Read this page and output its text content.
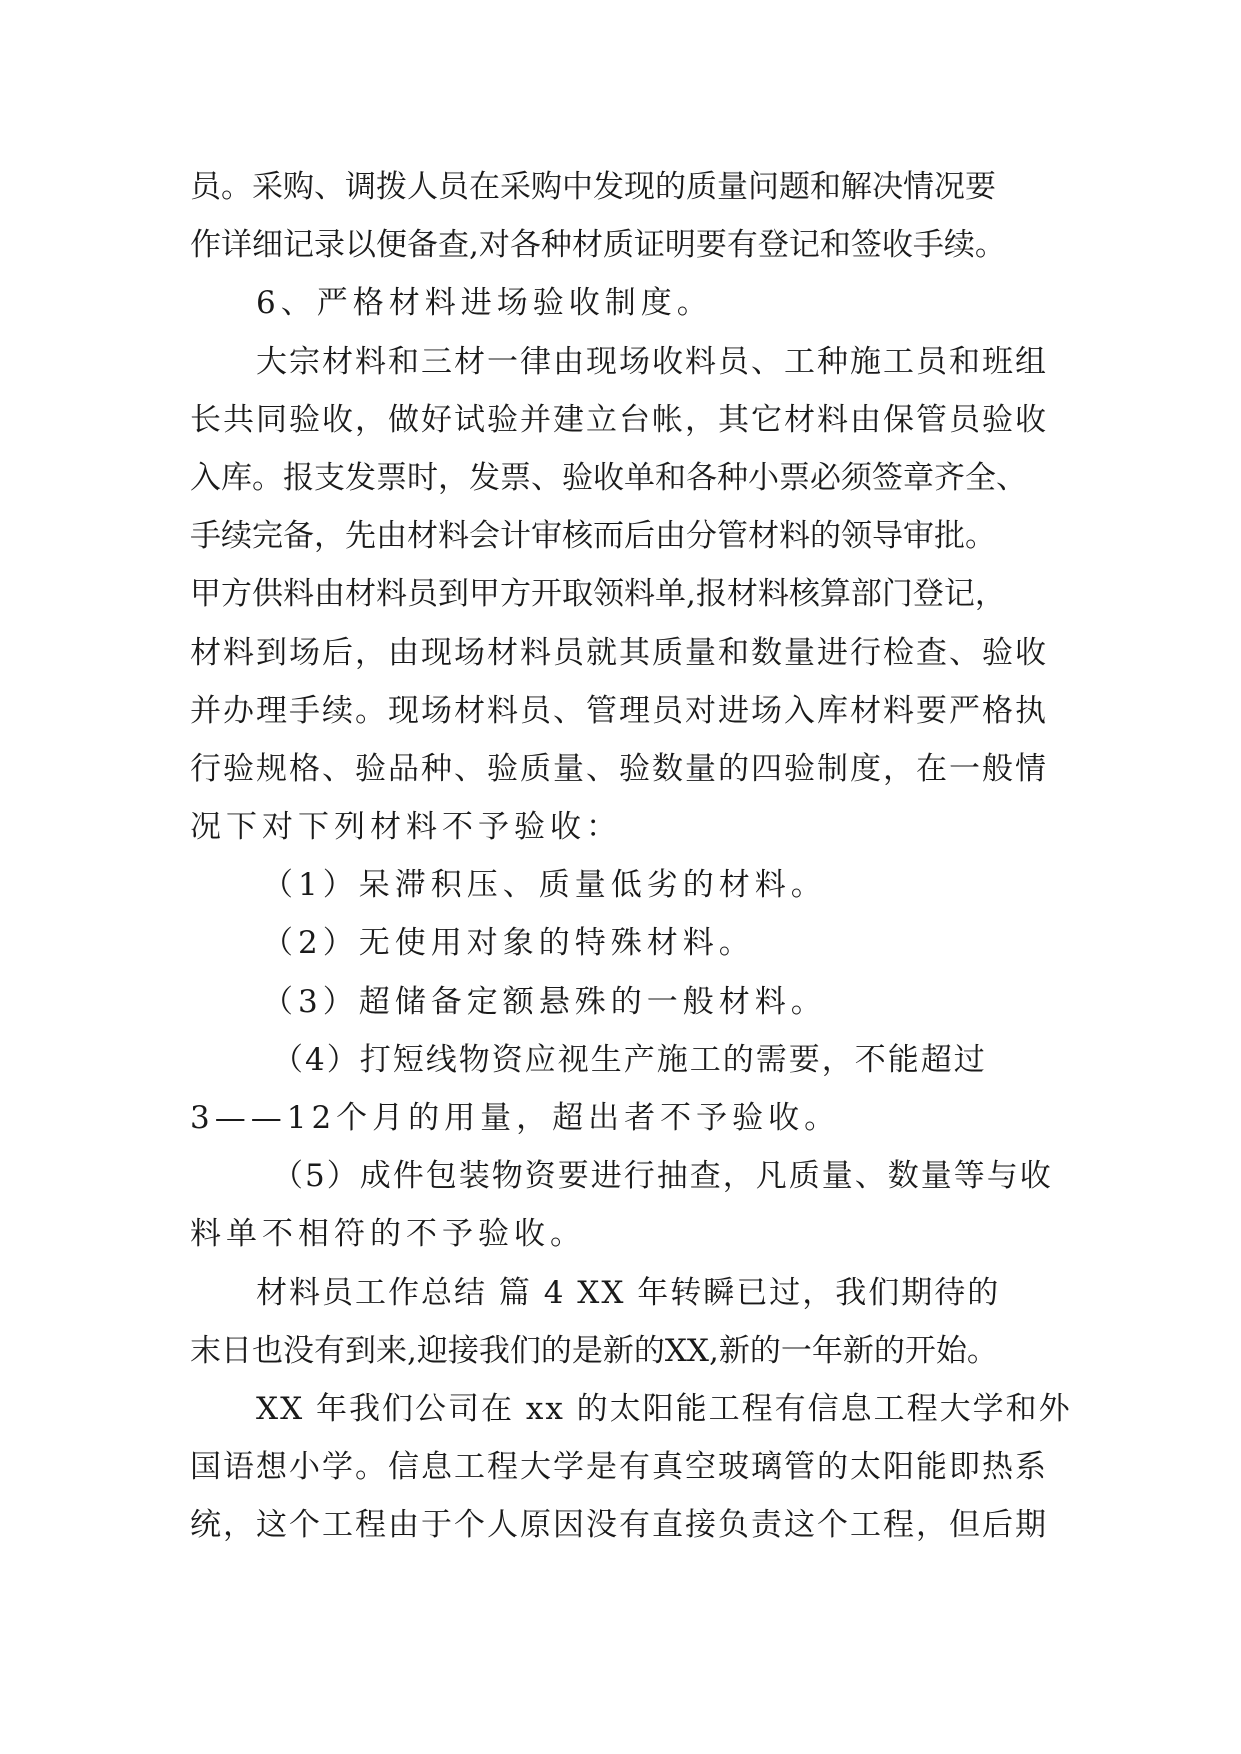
员。采购、调拨人员在采购中发现的质量问题和解决情况要
作详细记录以便备查,对各种材质证明要有登记和签收手续。
6、严格材料进场验收制度。
大宗材料和三材一律由现场收料员、工种施工员和班组
长共同验收，做好试验并建立台帐，其它材料由保管员验收
入库。报支发票时，发票、验收单和各种小票必须签章齐全、
手续完备，先由材料会计审核而后由分管材料的领导审批。
甲方供料由材料员到甲方开取领料单,报材料核算部门登记，
材料到场后，由现场材料员就其质量和数量进行检查、验收
并办理手续。现场材料员、管理员对进场入库材料要严格执
行验规格、验品种、验质量、验数量的四验制度，在一般情
况下对下列材料不予验收：
（1）呆滞积压、质量低劣的材料。
（2）无使用对象的特殊材料。
（3）超储备定额悬殊的一般材料。
（4）打短线物资应视生产施工的需要，不能超过
3——12个月的用量，超出者不予验收。
（5）成件包装物资要进行抽查，凡质量、数量等与收
料单不相符的不予验收。
材料员工作总结 篇 4 XX 年转瞬已过，我们期待的
末日也没有到来,迎接我们的是新的XX,新的一年新的开始。
XX 年我们公司在 xx 的太阳能工程有信息工程大学和外
国语想小学。信息工程大学是有真空玻璃管的太阳能即热系
统，这个工程由于个人原因没有直接负责这个工程，但后期
